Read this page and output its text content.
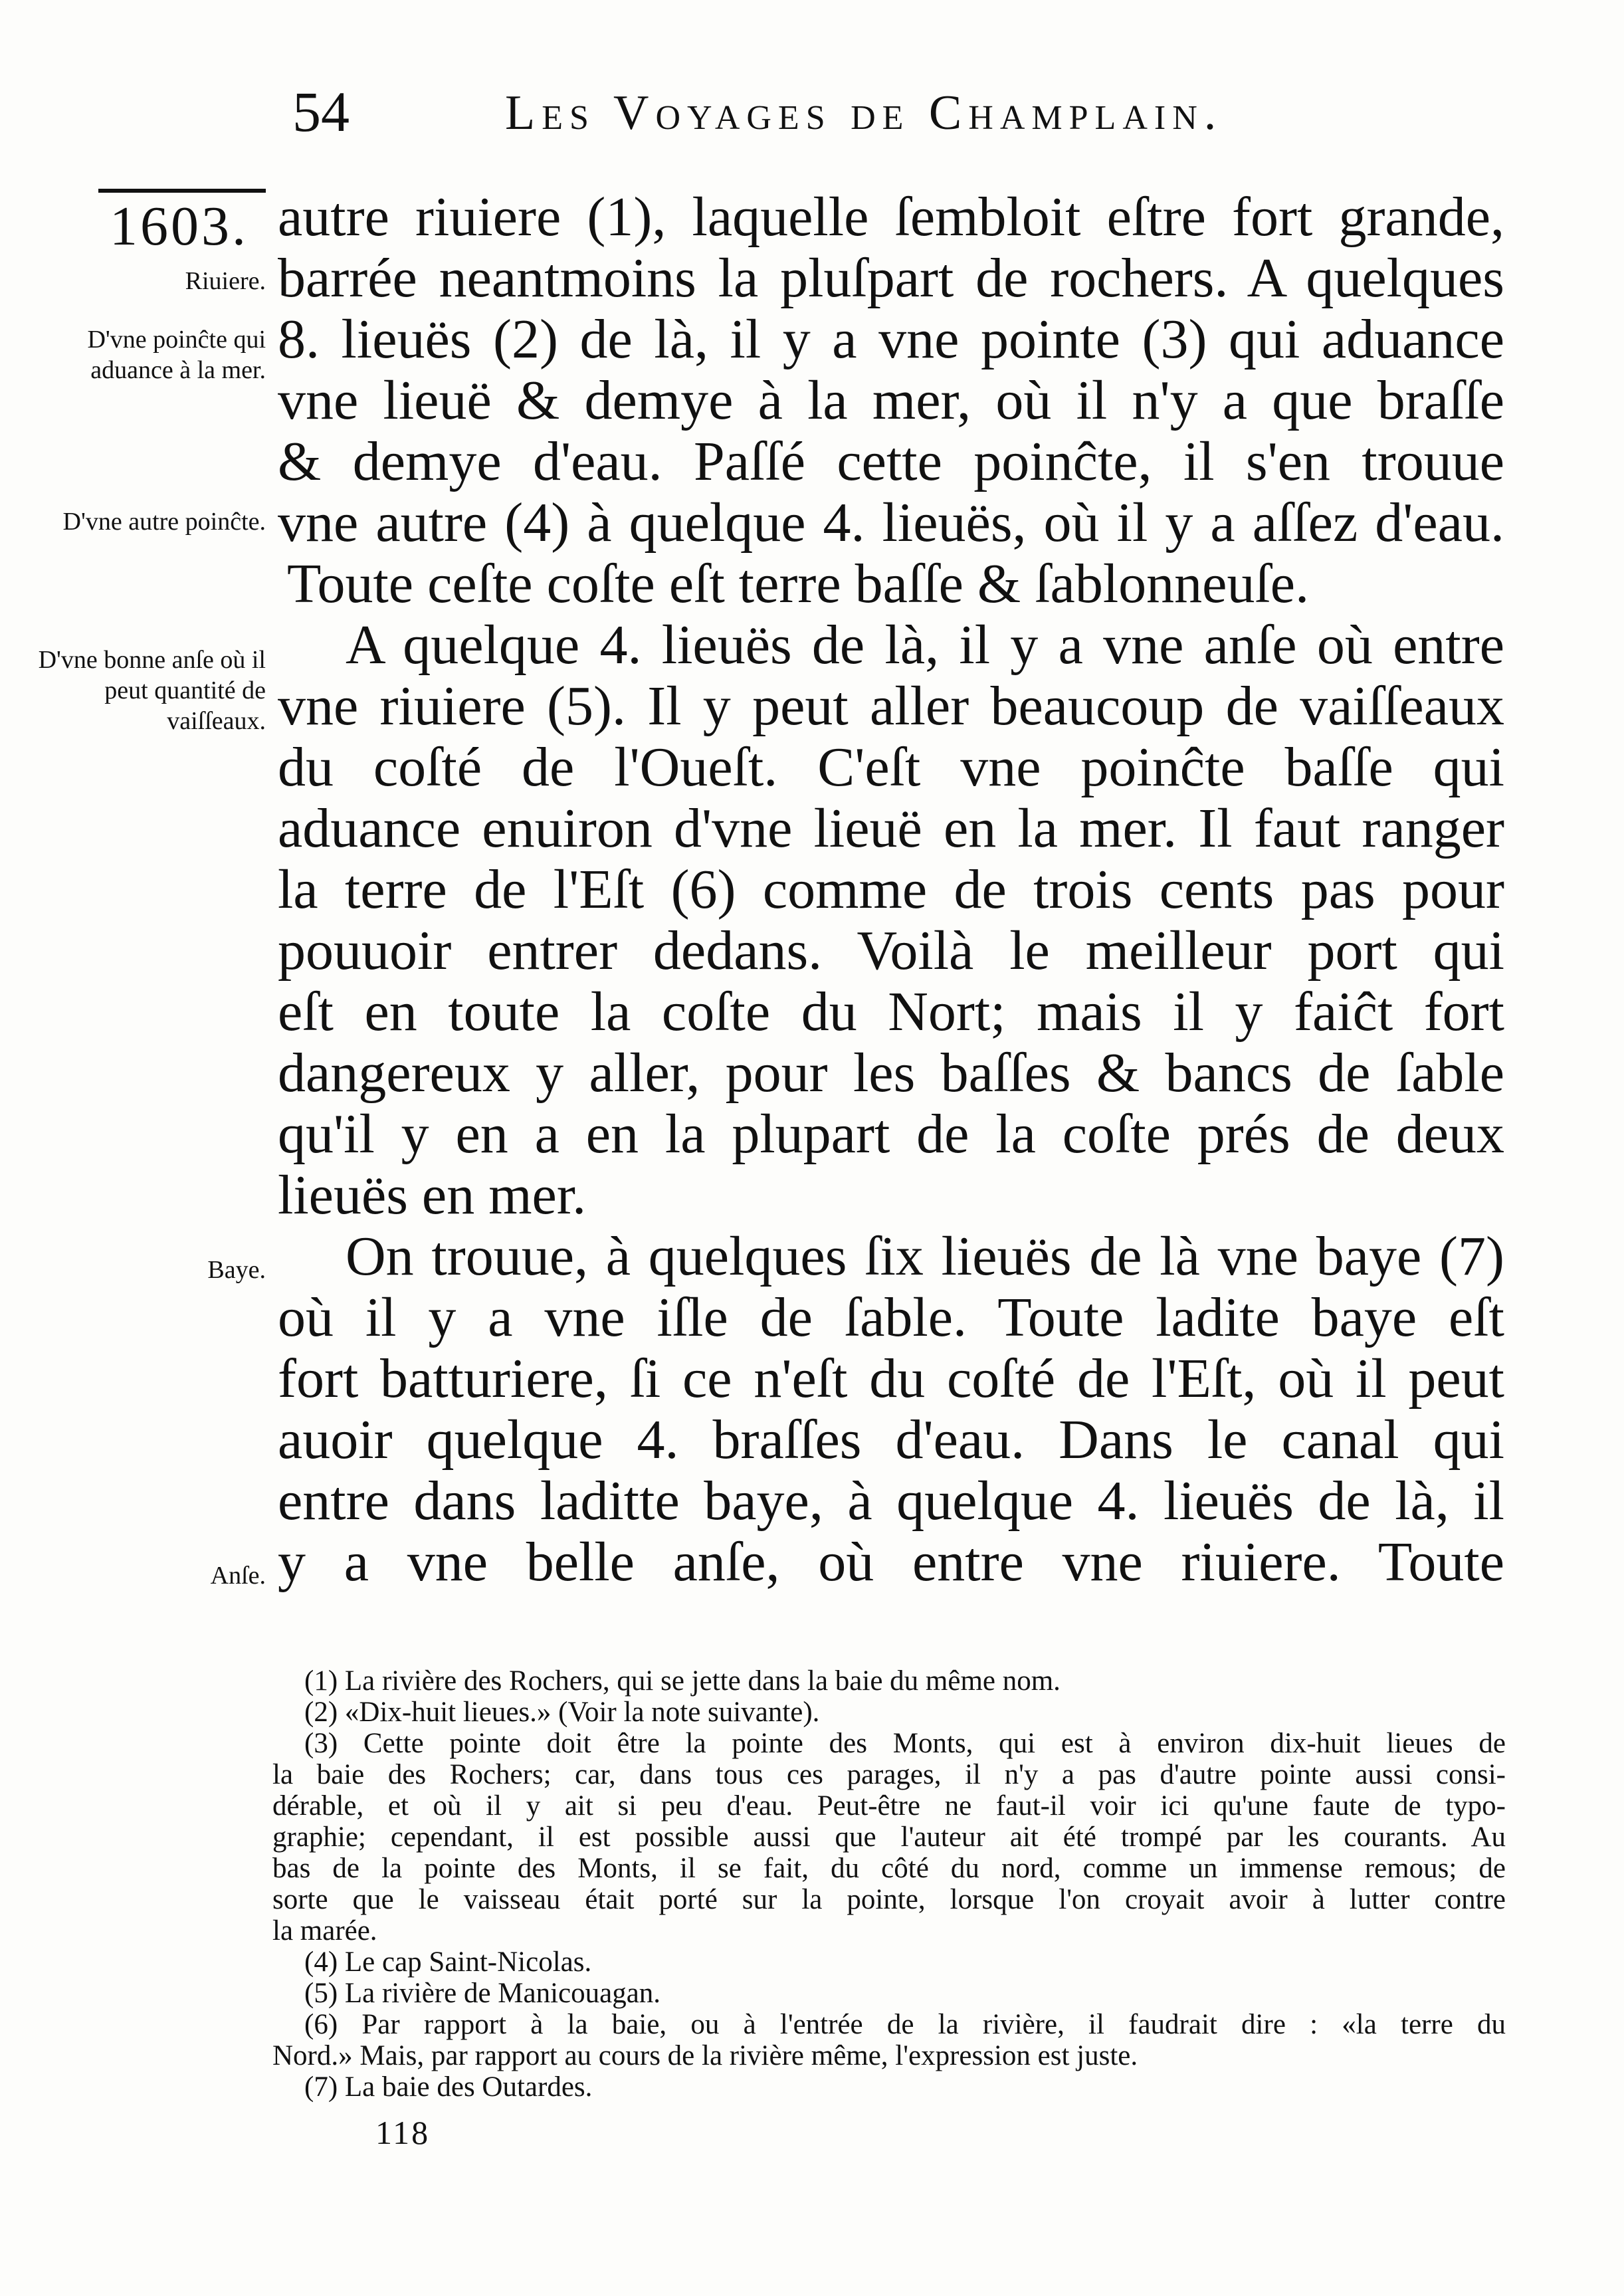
54	Les Voyages de Champlain.
1603.
Riuiere.
D'vne poinĉte qui aduance à la mer.
D'vne autre poinĉte.
D'vne bonne anſe où il peut quantité de vaiſſeaux.
Baye.
Anſe.
autre riuiere (1), laquelle ſembloit eſtre fort grande,
barrée neantmoins la pluſpart de rochers. A quelques
8. lieuës (2) de là, il y a vne pointe (3) qui aduance
vne lieuë & demye à la mer, où il n'y a que braſſe
& demye d'eau. Paſſé cette poinĉte, il s'en trouue
vne autre (4) à quelque 4. lieuës, où il y a aſſez d'eau.
Toute ceſte coſte eſt terre baſſe & ſablonneuſe.
A quelque 4. lieuës de là, il y a vne anſe où entre
vne riuiere (5). Il y peut aller beaucoup de vaiſſeaux
du coſté de l'Oueſt. C'eſt vne poinĉte baſſe qui
aduance enuiron d'vne lieuë en la mer. Il faut ranger
la terre de l'Eſt (6) comme de trois cents pas pour
pouuoir entrer dedans. Voilà le meilleur port qui
eſt en toute la coſte du Nort; mais il y faiĉt fort
dangereux y aller, pour les baſſes & bancs de ſable
qu'il y en a en la plupart de la coſte prés de deux
lieuës en mer.
On trouue, à quelques ſix lieuës de là vne baye (7)
où il y a vne iſle de ſable. Toute ladite baye eſt
fort batturiere, ſi ce n'eſt du coſté de l'Eſt, où il peut
auoir quelque 4. braſſes d'eau. Dans le canal qui
entre dans laditte baye, à quelque 4. lieuës de là, il
y a vne belle anſe, où entre vne riuiere. Toute
(1) La rivière des Rochers, qui se jette dans la baie du même nom.
(2) «Dix-huit lieues.» (Voir la note suivante).
(3) Cette pointe doit être la pointe des Monts, qui est à environ dix-huit lieues de
la baie des Rochers; car, dans tous ces parages, il n'y a pas d'autre pointe aussi consi-
dérable, et où il y ait si peu d'eau. Peut-être ne faut-il voir ici qu'une faute de typo-
graphie; cependant, il est possible aussi que l'auteur ait été trompé par les courants. Au
bas de la pointe des Monts, il se fait, du côté du nord, comme un immense remous; de
sorte que le vaisseau était porté sur la pointe, lorsque l'on croyait avoir à lutter contre
la marée.
(4) Le cap Saint-Nicolas.
(5) La rivière de Manicouagan.
(6) Par rapport à la baie, ou à l'entrée de la rivière, il faudrait dire : «la terre du
Nord.» Mais, par rapport au cours de la rivière même, l'expression est juste.
(7) La baie des Outardes.
118
